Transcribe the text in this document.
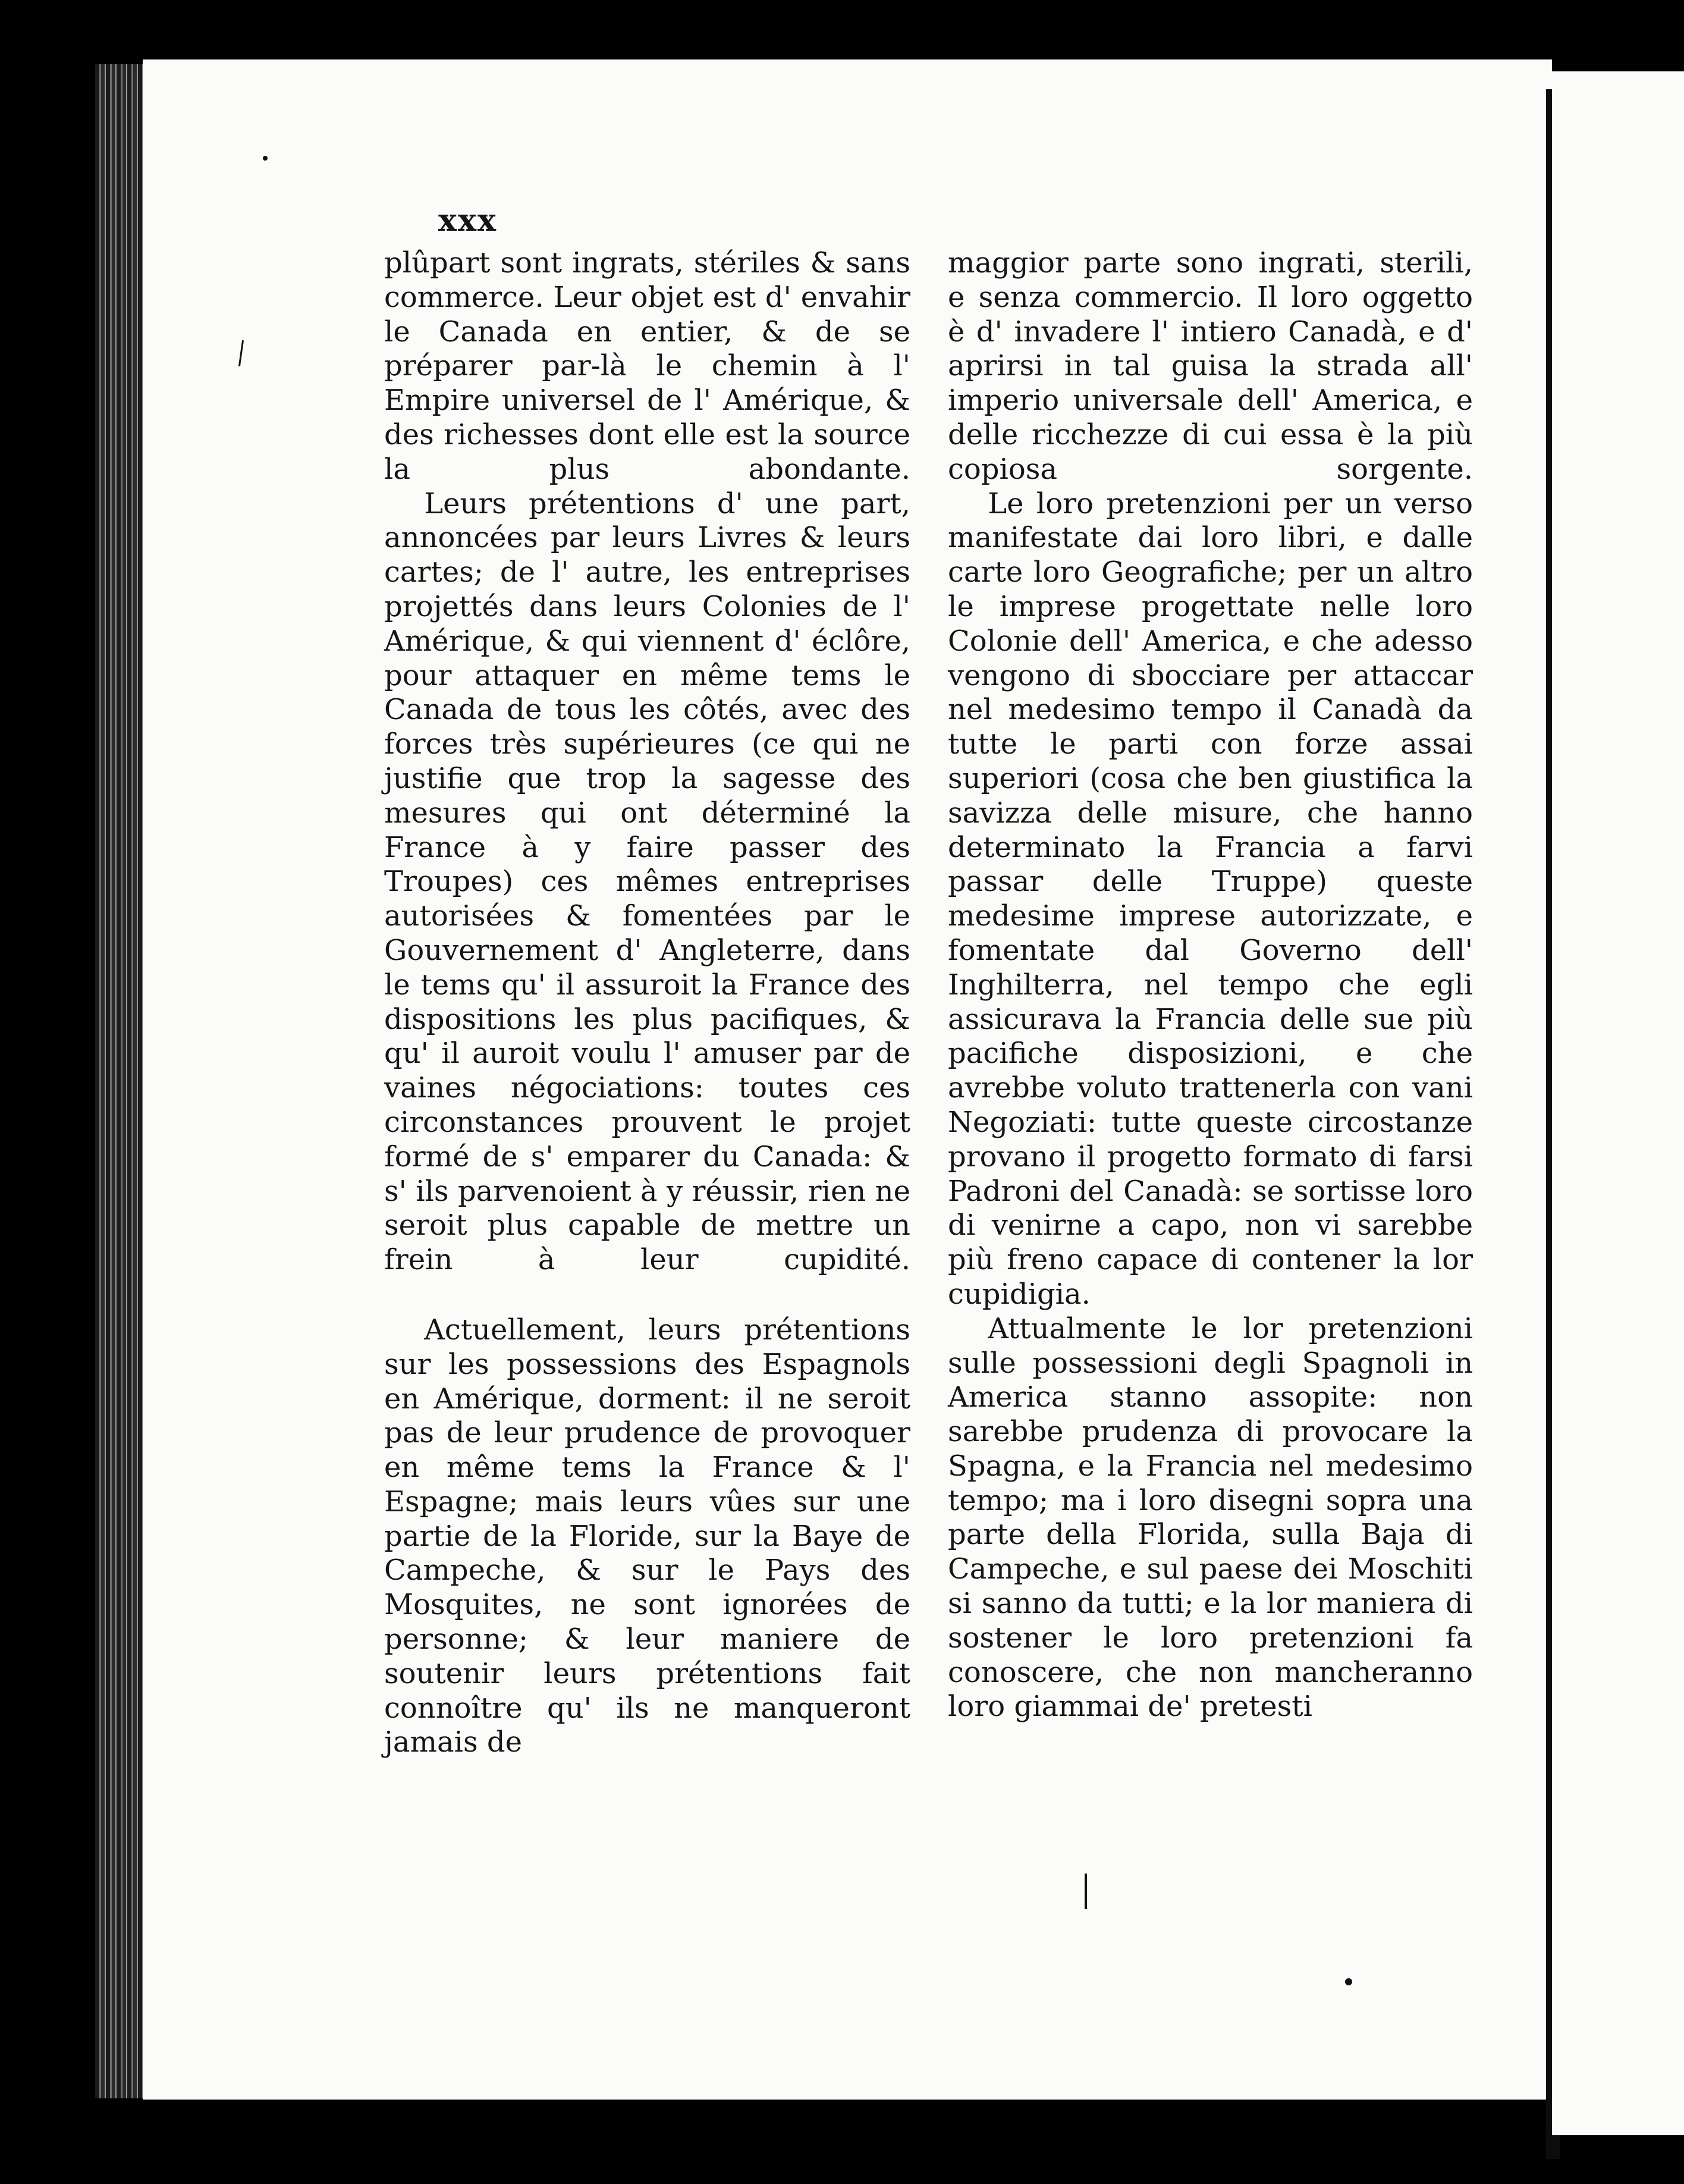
xxx

plûpart sont ingrats, stériles & sans commerce. Leur objet est d' envahir le Canada en entier, & de se préparer par-là le chemin à l' Empire universel de l' Amérique, & des richesses dont elle est la source la plus abondante.

Leurs prétentions d' une part, annoncées par leurs Livres & leurs cartes; de l' autre, les entreprises projettés dans leurs Colonies de l' Amérique, & qui viennent d' éclôre, pour attaquer en même tems le Canada de tous les côtés, avec des forces très supérieures (ce qui ne justifie que trop la sagesse des mesures qui ont déterminé la France à y faire passer des Troupes) ces mêmes entreprises autorisées & fomentées par le Gouvernement d' Angleterre, dans le tems qu' il assuroit la France des dispositions les plus pacifiques, & qu' il auroit voulu l' amuser par de vaines négociations: toutes ces circonstances prouvent le projet formé de s' emparer du Canada: & s' ils parvenoient à y réussir, rien ne seroit plus capable de mettre un frein à leur cupidité.

Actuellement, leurs prétentions sur les possessions des Espagnols en Amérique, dorment: il ne seroit pas de leur prudence de provoquer en même tems la France & l' Espagne; mais leurs vûes sur une partie de la Floride, sur la Baye de Campeche, & sur le Pays des Mosquites, ne sont ignorées de personne; & leur maniere de soutenir leurs prétentions fait connoître qu' ils ne manqueront jamais de

maggior parte sono ingrati, sterili, e senza commercio. Il loro oggetto è d' invadere l' intiero Canadà, e d' aprirsi in tal guisa la strada all' imperio universale dell' America, e delle ricchezze di cui essa è la più copiosa sorgente.

Le loro pretenzioni per un verso manifestate dai loro libri, e dalle carte loro Geografiche; per un altro le imprese progettate nelle loro Colonie dell' America, e che adesso vengono di sbocciare per attaccar nel medesimo tempo il Canadà da tutte le parti con forze assai superiori (cosa che ben giustifica la savizza delle misure, che hanno determinato la Francia a farvi passar delle Truppe) queste medesime imprese autorizzate, e fomentate dal Governo dell' Inghilterra, nel tempo che egli assicurava la Francia delle sue più pacifiche disposizioni, e che avrebbe voluto trattenerla con vani Negoziati: tutte queste circostanze provano il progetto formato di farsi Padroni del Canadà: se sortisse loro di venirne a capo, non vi sarebbe più freno capace di contener la lor cupidigia.

Attualmente le lor pretenzioni sulle possessioni degli Spagnoli in America stanno assopite: non sarebbe prudenza di provocare la Spagna, e la Francia nel medesimo tempo; ma i loro disegni sopra una parte della Florida, sulla Baja di Campeche, e sul paese dei Moschiti si sanno da tutti; e la lor maniera di sostener le loro pretenzioni fa conoscere, che non mancheranno loro giammai de' pretesti
